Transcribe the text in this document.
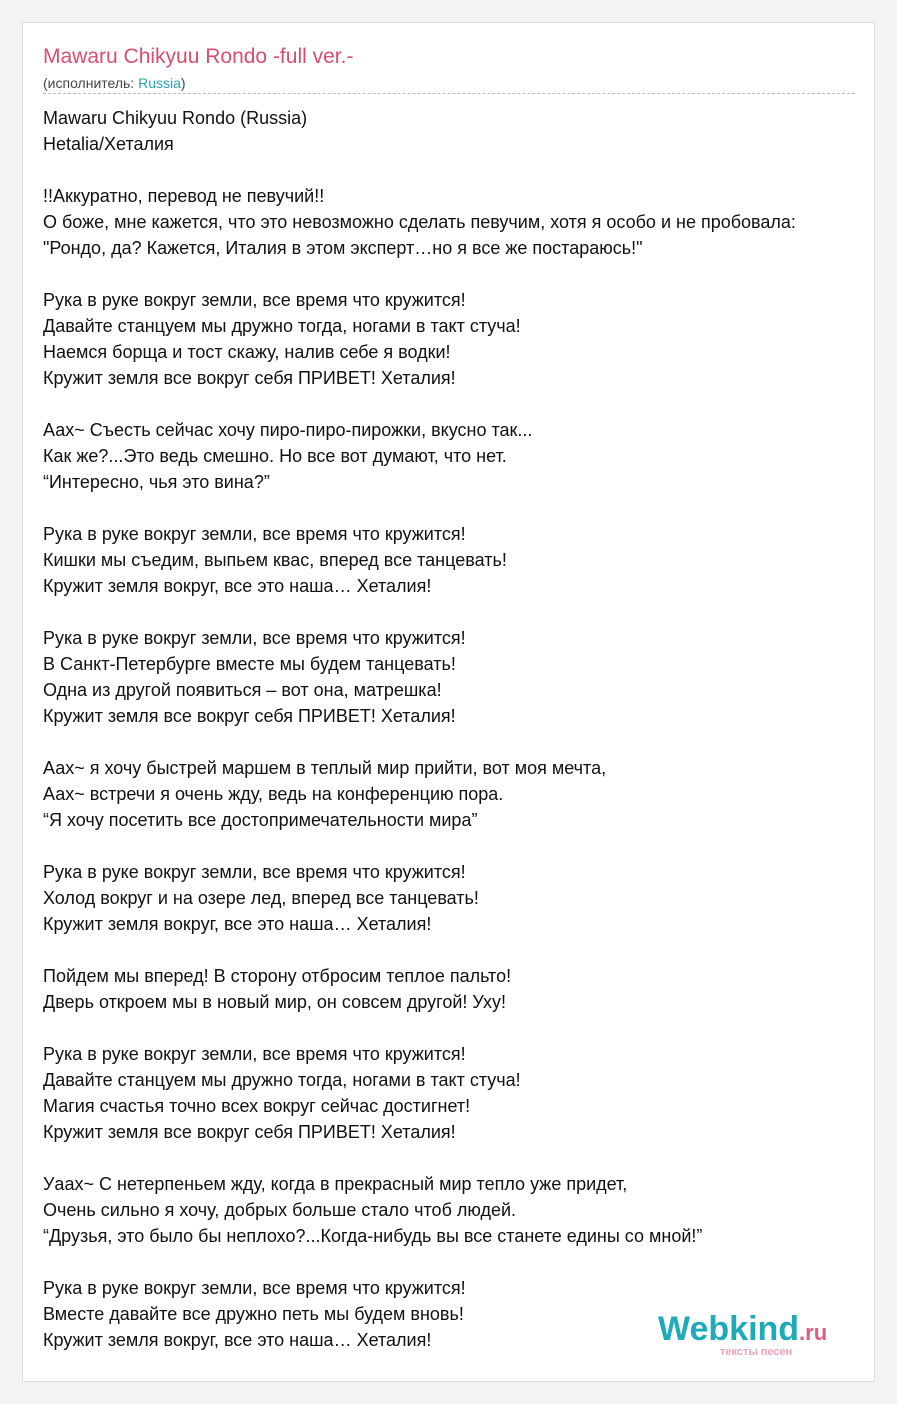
Mawaru Chikyuu Rondo -full ver.-
(исполнитель: Russia)
Mawaru Chikyuu Rondo (Russia)
Hetalia/Хеталия
!!Аккуратно, перевод не певучий!!
О боже, мне кажется, что это невозможно сделать певучим, хотя я особо и не пробовала:
"Рондо, да? Кажется, Италия в этом эксперт…но я все же постараюсь!"
Рука в руке вокруг земли, все время что кружится!
Давайте станцуем мы дружно тогда, ногами в такт стуча!
Наемся борща и тост скажу, налив себе я водки!
Кружит земля все вокруг себя ПРИВЕТ! Хеталия!
Аах~ Съесть сейчас хочу пиро-пиро-пирожки, вкусно так...
Как же?...Это ведь смешно. Но все вот думают, что нет.
“Интересно, чья это вина?”
Рука в руке вокруг земли, все время что кружится!
Кишки мы съедим, выпьем квас, вперед все танцевать!
Кружит земля вокруг, все это наша… Хеталия!
Рука в руке вокруг земли, все время что кружится!
В Санкт-Петербурге вместе мы будем танцевать!
Одна из другой появиться – вот она, матрешка!
Кружит земля все вокруг себя ПРИВЕТ! Хеталия!
Аах~ я хочу быстрей маршем в теплый мир прийти, вот моя мечта,
Аах~ встречи я очень жду, ведь на конференцию пора.
“Я хочу посетить все достопримечательности мира”
Рука в руке вокруг земли, все время что кружится!
Холод вокруг и на озере лед, вперед все танцевать!
Кружит земля вокруг, все это наша… Хеталия!
Пойдем мы вперед! В сторону отбросим теплое пальто!
Дверь откроем мы в новый мир, он совсем другой! Уху!
Рука в руке вокруг земли, все время что кружится!
Давайте станцуем мы дружно тогда, ногами в такт стуча!
Магия счастья точно всех вокруг сейчас достигнет!
Кружит земля все вокруг себя ПРИВЕТ! Хеталия!
Уаах~ С нетерпеньем жду, когда в прекрасный мир тепло уже придет,
Очень сильно я хочу, добрых больше стало чтоб людей.
“Друзья, это было бы неплохо?...Когда-нибудь вы все станете едины со мной!”
Рука в руке вокруг земли, все время что кружится!
Вместе давайте все дружно петь мы будем вновь!
Кружит земля вокруг, все это наша… Хеталия!	Webkind.ru
тексты песен
